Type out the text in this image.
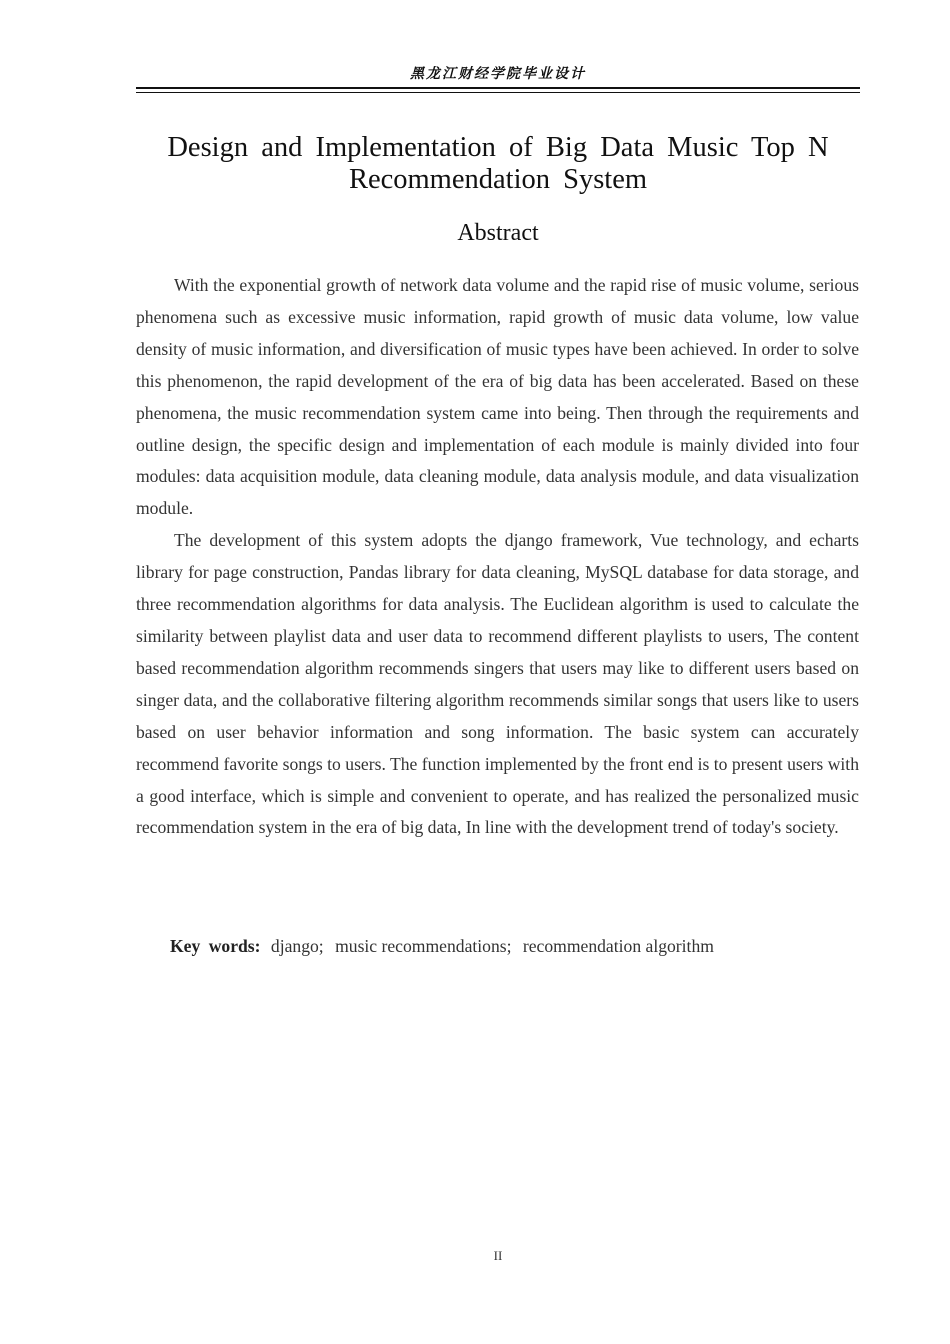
黑龙江财经学院毕业设计
Design and Implementation of Big Data Music Top N Recommendation System
Abstract

With the exponential growth of network data volume and the rapid rise of music volume, serious phenomena such as excessive music information, rapid growth of music data volume, low value density of music information, and diversification of music types have been achieved. In order to solve this phenomenon, the rapid development of the era of big data has been accelerated. Based on these phenomena, the music recommendation system came into being. Then through the requirements and outline design, the specific design and implementation of each module is mainly divided into four modules: data acquisition module, data cleaning module, data analysis module, and data visualization module.

The development of this system adopts the django framework, Vue technology, and echarts library for page construction, Pandas library for data cleaning, MySQL database for data storage, and three recommendation algorithms for data analysis. The Euclidean algorithm is used to calculate the similarity between playlist data and user data to recommend different playlists to users, The content based recommendation algorithm recommends singers that users may like to different users based on singer data, and the collaborative filtering algorithm recommends similar songs that users like to users based on user behavior information and song information. The basic system can accurately recommend favorite songs to users. The function implemented by the front end is to present users with a good interface, which is simple and convenient to operate, and has realized the personalized music recommendation system in the era of big data, In line with the development trend of today's society.

Key words: django; music recommendations; recommendation algorithm
II
